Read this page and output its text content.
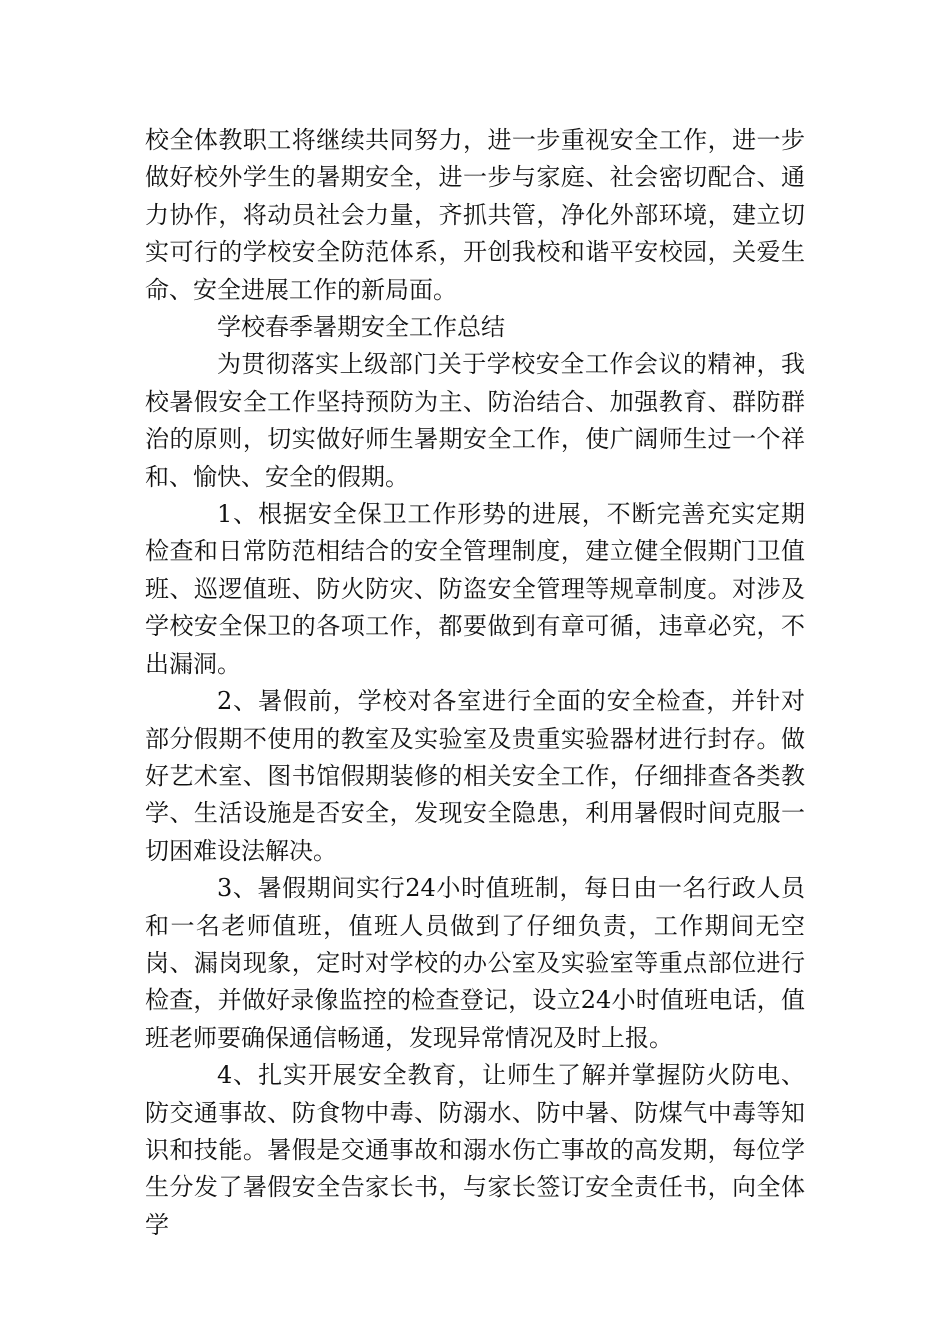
校全体教职工将继续共同努力，进一步重视安全工作，进一步做好校外学生的暑期安全，进一步与家庭、社会密切配合、通力协作，将动员社会力量，齐抓共管，净化外部环境，建立切实可行的学校安全防范体系，开创我校和谐平安校园，关爱生命、安全进展工作的新局面。

学校春季暑期安全工作总结

为贯彻落实上级部门关于学校安全工作会议的精神，我校暑假安全工作坚持预防为主、防治结合、加强教育、群防群治的原则，切实做好师生暑期安全工作，使广阔师生过一个祥和、愉快、安全的假期。

1、根据安全保卫工作形势的进展，不断完善充实定期检查和日常防范相结合的安全管理制度，建立健全假期门卫值班、巡逻值班、防火防灾、防盗安全管理等规章制度。对涉及学校安全保卫的各项工作，都要做到有章可循，违章必究，不出漏洞。

2、暑假前，学校对各室进行全面的安全检查，并针对部分假期不使用的教室及实验室及贵重实验器材进行封存。做好艺术室、图书馆假期装修的相关安全工作，仔细排查各类教学、生活设施是否安全，发现安全隐患，利用暑假时间克服一切困难设法解决。

3、暑假期间实行24小时值班制，每日由一名行政人员和一名老师值班，值班人员做到了仔细负责，工作期间无空岗、漏岗现象，定时对学校的办公室及实验室等重点部位进行检查，并做好录像监控的检查登记，设立24小时值班电话，值班老师要确保通信畅通，发现异常情况及时上报。

4、扎实开展安全教育，让师生了解并掌握防火防电、防交通事故、防食物中毒、防溺水、防中暑、防煤气中毒等知识和技能。暑假是交通事故和溺水伤亡事故的高发期，每位学生分发了暑假安全告家长书，与家长签订安全责任书，向全体学
